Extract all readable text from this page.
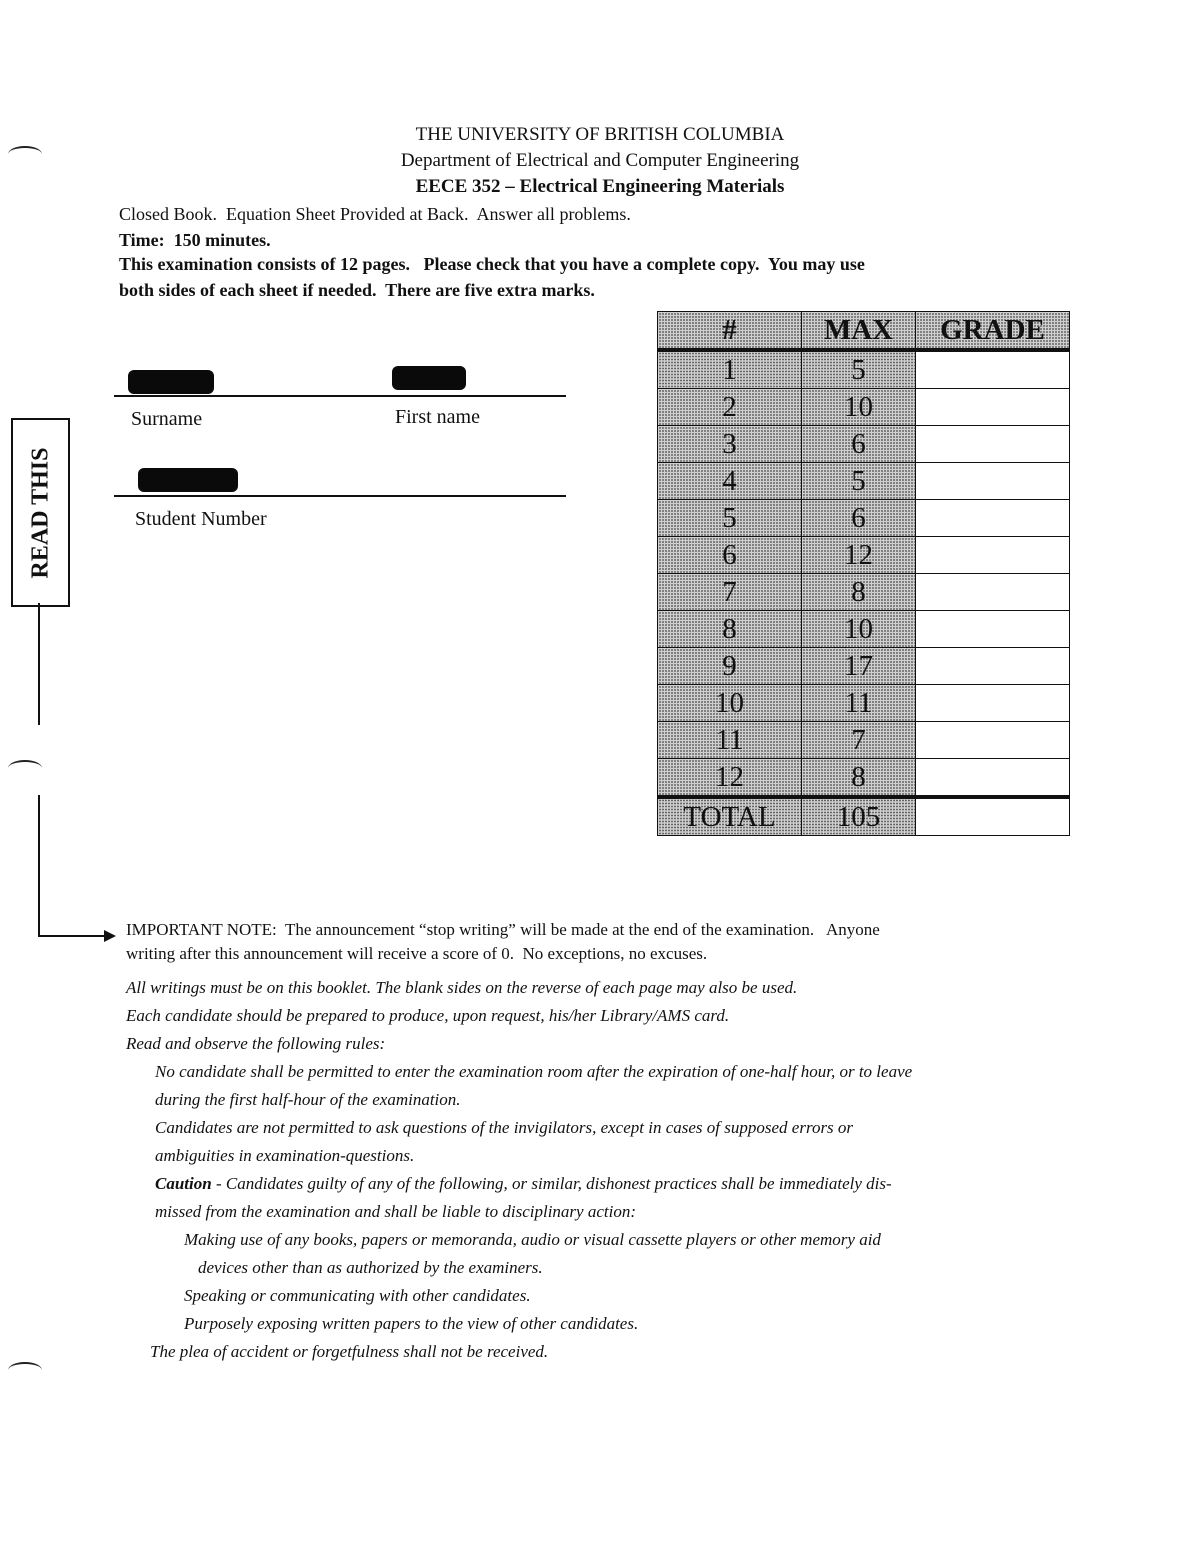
THE UNIVERSITY OF BRITISH COLUMBIA
Department of Electrical and Computer Engineering
EECE 352 – Electrical Engineering Materials
Closed Book.  Equation Sheet Provided at Back.  Answer all problems.
Time:  150 minutes.
This examination consists of 12 pages.   Please check that you have a complete copy.  You may use
both sides of each sheet if needed.  There are five extra marks.
Surname	First name
Student Number
#	MAX	GRADE
1	5	
2	10	
3	6	
4	5	
5	6	
6	12	
7	8	
8	10	
9	17	
10	11	
11	7	
12	8	
TOTAL	105	
READ THIS
IMPORTANT NOTE:  The announcement “stop writing” will be made at the end of the examination.   Anyone
writing after this announcement will receive a score of 0.  No exceptions, no excuses.
All writings must be on this booklet. The blank sides on the reverse of each page may also be used.
Each candidate should be prepared to produce, upon request, his/her Library/AMS card.
Read and observe the following rules:
No candidate shall be permitted to enter the examination room after the expiration of one-half hour, or to leave
during the first half-hour of the examination.
Candidates are not permitted to ask questions of the invigilators, except in cases of supposed errors or
ambiguities in examination-questions.
Caution - Candidates guilty of any of the following, or similar, dishonest practices shall be immediately dis-
missed from the examination and shall be liable to disciplinary action:
Making use of any books, papers or memoranda, audio or visual cassette players or other memory aid
devices other than as authorized by the examiners.
Speaking or communicating with other candidates.
Purposely exposing written papers to the view of other candidates.
The plea of accident or forgetfulness shall not be received.
